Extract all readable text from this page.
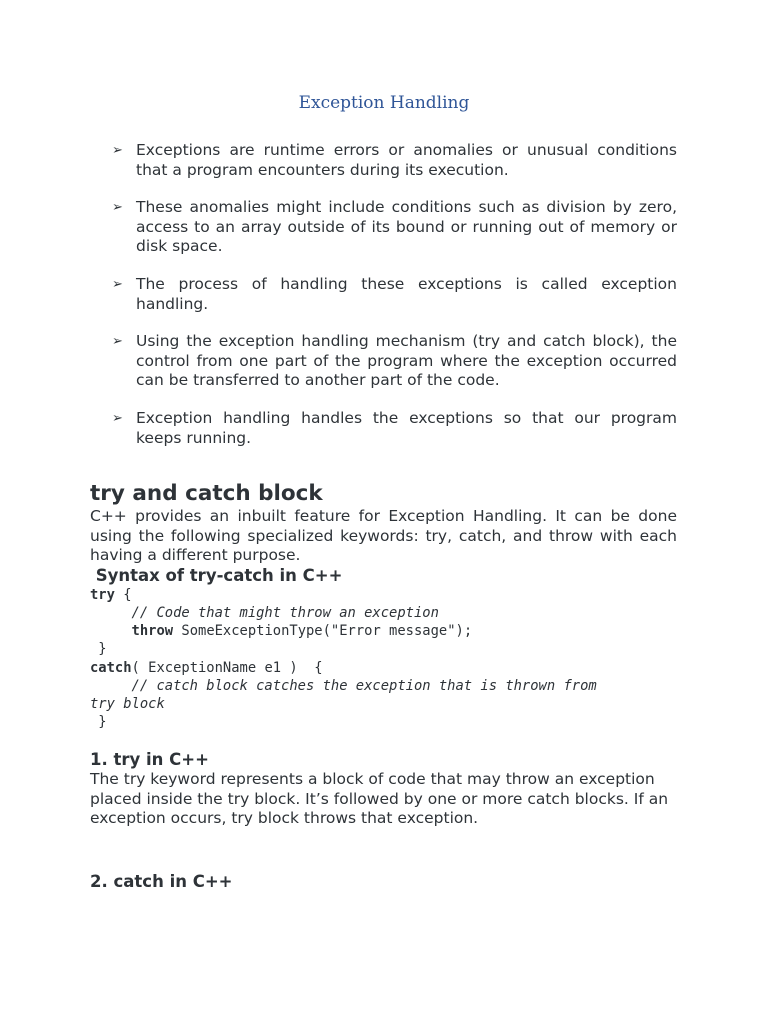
Exception Handling
➢ Exceptions are runtime errors or anomalies or unusual conditions that a program encounters during its execution.
➢ These anomalies might include conditions such as division by zero, access to an array outside of its bound or running out of memory or disk space.
➢ The process of handling these exceptions is called exception handling.
➢ Using the exception handling mechanism (try and catch block), the control from one part of the program where the exception occurred can be transferred to another part of the code.
➢ Exception handling handles the exceptions so that our program keeps running.
try and catch block

C++ provides an inbuilt feature for Exception Handling. It can be done using the following specialized keywords: try, catch, and throw with each having a different purpose.

Syntax of try-catch in C++
try {
// Code that might throw an exception
throw SomeExceptionType("Error message");
}
catch( ExceptionName e1 )  {
// catch block catches the exception that is thrown from
try block
}
1. try in C++

The try keyword represents a block of code that may throw an exception placed inside the try block. It’s followed by one or more catch blocks. If an exception occurs, try block throws that exception.

2. catch in C++
